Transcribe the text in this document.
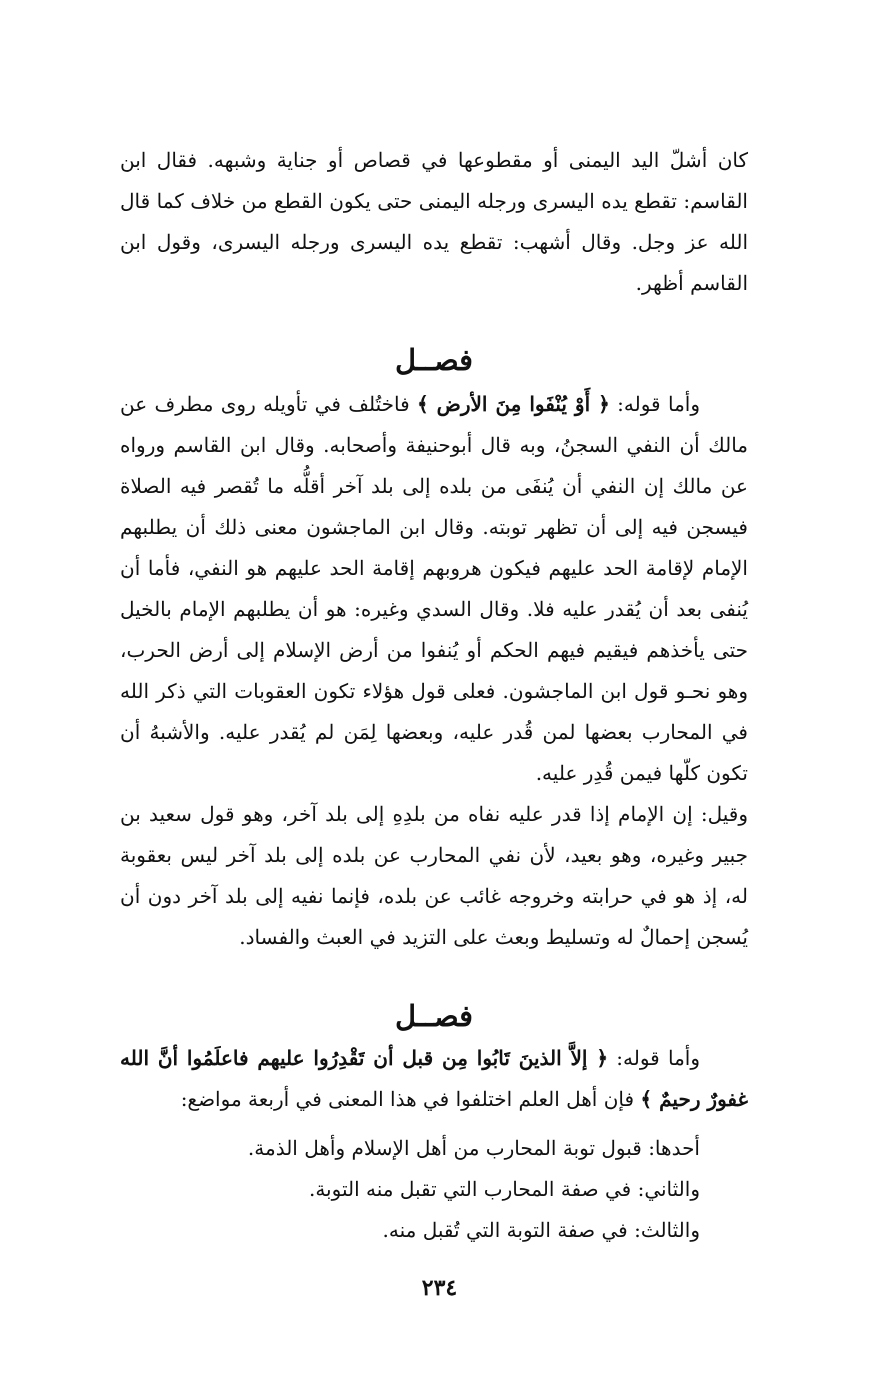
كان أشلّ اليد اليمنى أو مقطوعها في قصاص أو جناية وشبهه. فقال ابن القاسم: تقطع يده اليسرى ورجله اليمنى حتى يكون القطع من خلاف كما قال الله عز وجل. وقال أشهب: تقطع يده اليسرى ورجله اليسرى، وقول ابن القاسم أظهر.

فصــل

وأما قوله: ﴿ أَوْ يُنْفَوا مِنَ الأرض ﴾ فاختُلف في تأويله روى مطرف عن مالك أن النفي السجنُ، وبه قال أبوحنيفة وأصحابه. وقال ابن القاسم ورواه عن مالك إن النفي أن يُنفَى من بلده إلى بلد آخر أقلُّه ما تُقصر فيه الصلاة فيسجن فيه إلى أن تظهر توبته. وقال ابن الماجشون معنى ذلك أن يطلبهم الإمام لإقامة الحد عليهم فيكون هروبهم إقامة الحد عليهم هو النفي، فأما أن يُنفى بعد أن يُقدر عليه فلا. وقال السدي وغيره: هو أن يطلبهم الإمام بالخيل حتى يأخذهم فيقيم فيهم الحكم أو يُنفوا من أرض الإسلام إلى أرض الحرب، وهو نحـو قول ابن الماجشون. فعلى قول هؤلاء تكون العقوبات التي ذكر الله في المحارب بعضها لمن قُدر عليه، وبعضها لِمَن لم يُقدر عليه. والأشبهُ أن تكون كلّها فيمن قُدِر عليه.

وقيل: إن الإمام إذا قدر عليه نفاه من بلدِهِ إلى بلد آخر، وهو قول سعيد بن جبير وغيره، وهو بعيد، لأن نفي المحارب عن بلده إلى بلد آخر ليس بعقوبة له، إذ هو في حرابته وخروجه غائب عن بلده، فإنما نفيه إلى بلد آخر دون أن يُسجن إحمالٌ له وتسليط وبعث على التزيد في العبث والفساد.

فصــل

وأما قوله: ﴿ إلاَّ الذينَ تَابُوا مِن قبل أن تَقْدِرُوا عليهم فاعلَمُوا أنَّ الله غفورٌ رحيمٌ ﴾ فإن أهل العلم اختلفوا في هذا المعنى في أربعة مواضع:

أحدها: قبول توبة المحارب من أهل الإسلام وأهل الذمة.
والثاني: في صفة المحارب التي تقبل منه التوبة.
والثالث: في صفة التوبة التي تُقبل منه.
٢٣٤
